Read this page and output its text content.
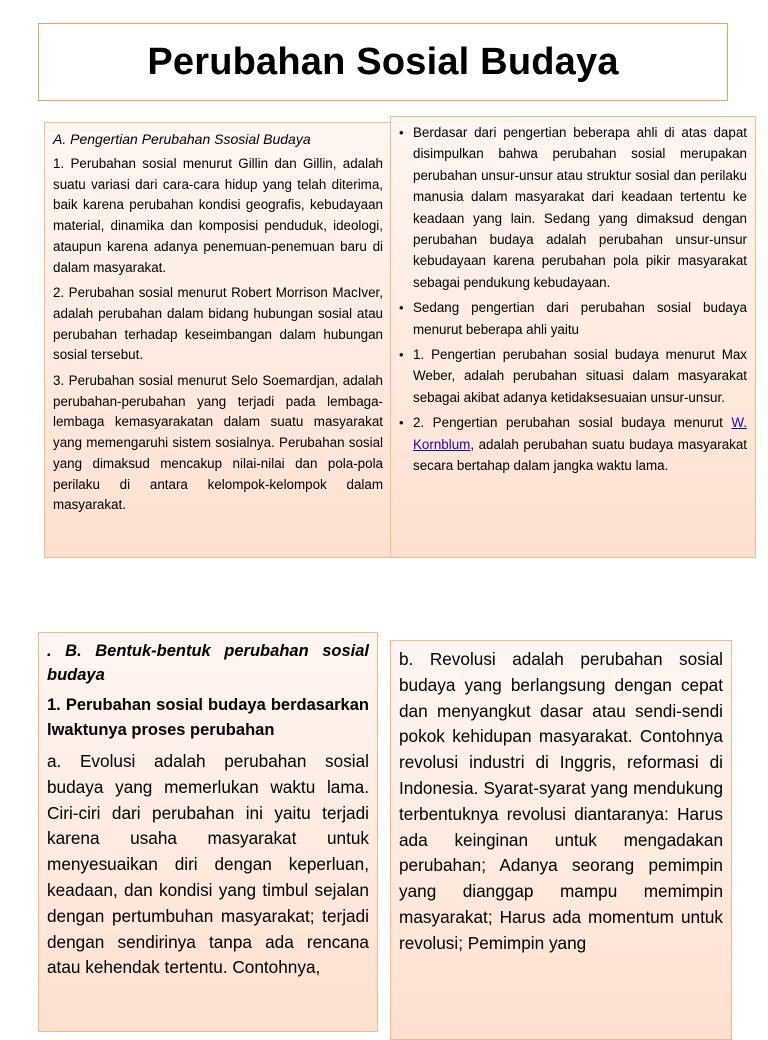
Perubahan Sosial Budaya
A. Pengertian Perubahan Ssosial Budaya

1. Perubahan sosial menurut Gillin dan Gillin, adalah suatu variasi dari cara-cara hidup yang telah diterima, baik karena perubahan kondisi geografis, kebudayaan material, dinamika dan komposisi penduduk, ideologi, ataupun karena adanya penemuan-penemuan baru di dalam masyarakat.

2. Perubahan sosial menurut Robert Morrison MacIver, adalah perubahan dalam bidang hubungan sosial atau perubahan terhadap keseimbangan dalam hubungan sosial tersebut.

3. Perubahan sosial menurut Selo Soemardjan, adalah perubahan-perubahan yang terjadi pada lembaga-lembaga kemasyarakatan dalam suatu masyarakat yang memengaruhi sistem sosialnya. Perubahan sosial yang dimaksud mencakup nilai-nilai dan pola-pola perilaku di antara kelompok-kelompok dalam masyarakat.

• Berdasar dari pengertian beberapa ahli di atas dapat disimpulkan bahwa perubahan sosial merupakan perubahan unsur-unsur atau struktur sosial dan perilaku manusia dalam masyarakat dari keadaan tertentu ke keadaan yang lain. Sedang yang dimaksud dengan perubahan budaya adalah perubahan unsur-unsur kebudayaan karena perubahan pola pikir masyarakat sebagai pendukung kebudayaan.
• Sedang pengertian dari perubahan sosial budaya menurut beberapa ahli yaitu
• 1. Pengertian perubahan sosial budaya menurut Max Weber, adalah perubahan situasi dalam masyarakat sebagai akibat adanya ketidaksesuaian unsur-unsur.
• 2. Pengertian perubahan sosial budaya menurut W. Kornblum, adalah perubahan suatu budaya masyarakat secara bertahap dalam jangka waktu lama.
. B. Bentuk-bentuk perubahan sosial budaya
1. Perubahan sosial budaya berdasarkan lwaktunya proses perubahan

a. Evolusi adalah perubahan sosial budaya yang memerlukan waktu lama. Ciri-ciri dari perubahan ini yaitu terjadi karena usaha masyarakat untuk menyesuaikan diri dengan keperluan, keadaan, dan kondisi yang timbul sejalan dengan pertumbuhan masyarakat; terjadi dengan sendirinya tanpa ada rencana atau kehendak tertentu. Contohnya,

b. Revolusi adalah perubahan sosial budaya yang berlangsung dengan cepat dan menyangkut dasar atau sendi-sendi pokok kehidupan masyarakat. Contohnya revolusi industri di Inggris, reformasi di Indonesia. Syarat-syarat yang mendukung terbentuknya revolusi diantaranya: Harus ada keinginan untuk mengadakan perubahan; Adanya seorang pemimpin yang dianggap mampu memimpin masyarakat; Harus ada momentum untuk revolusi; Pemimpin yang
